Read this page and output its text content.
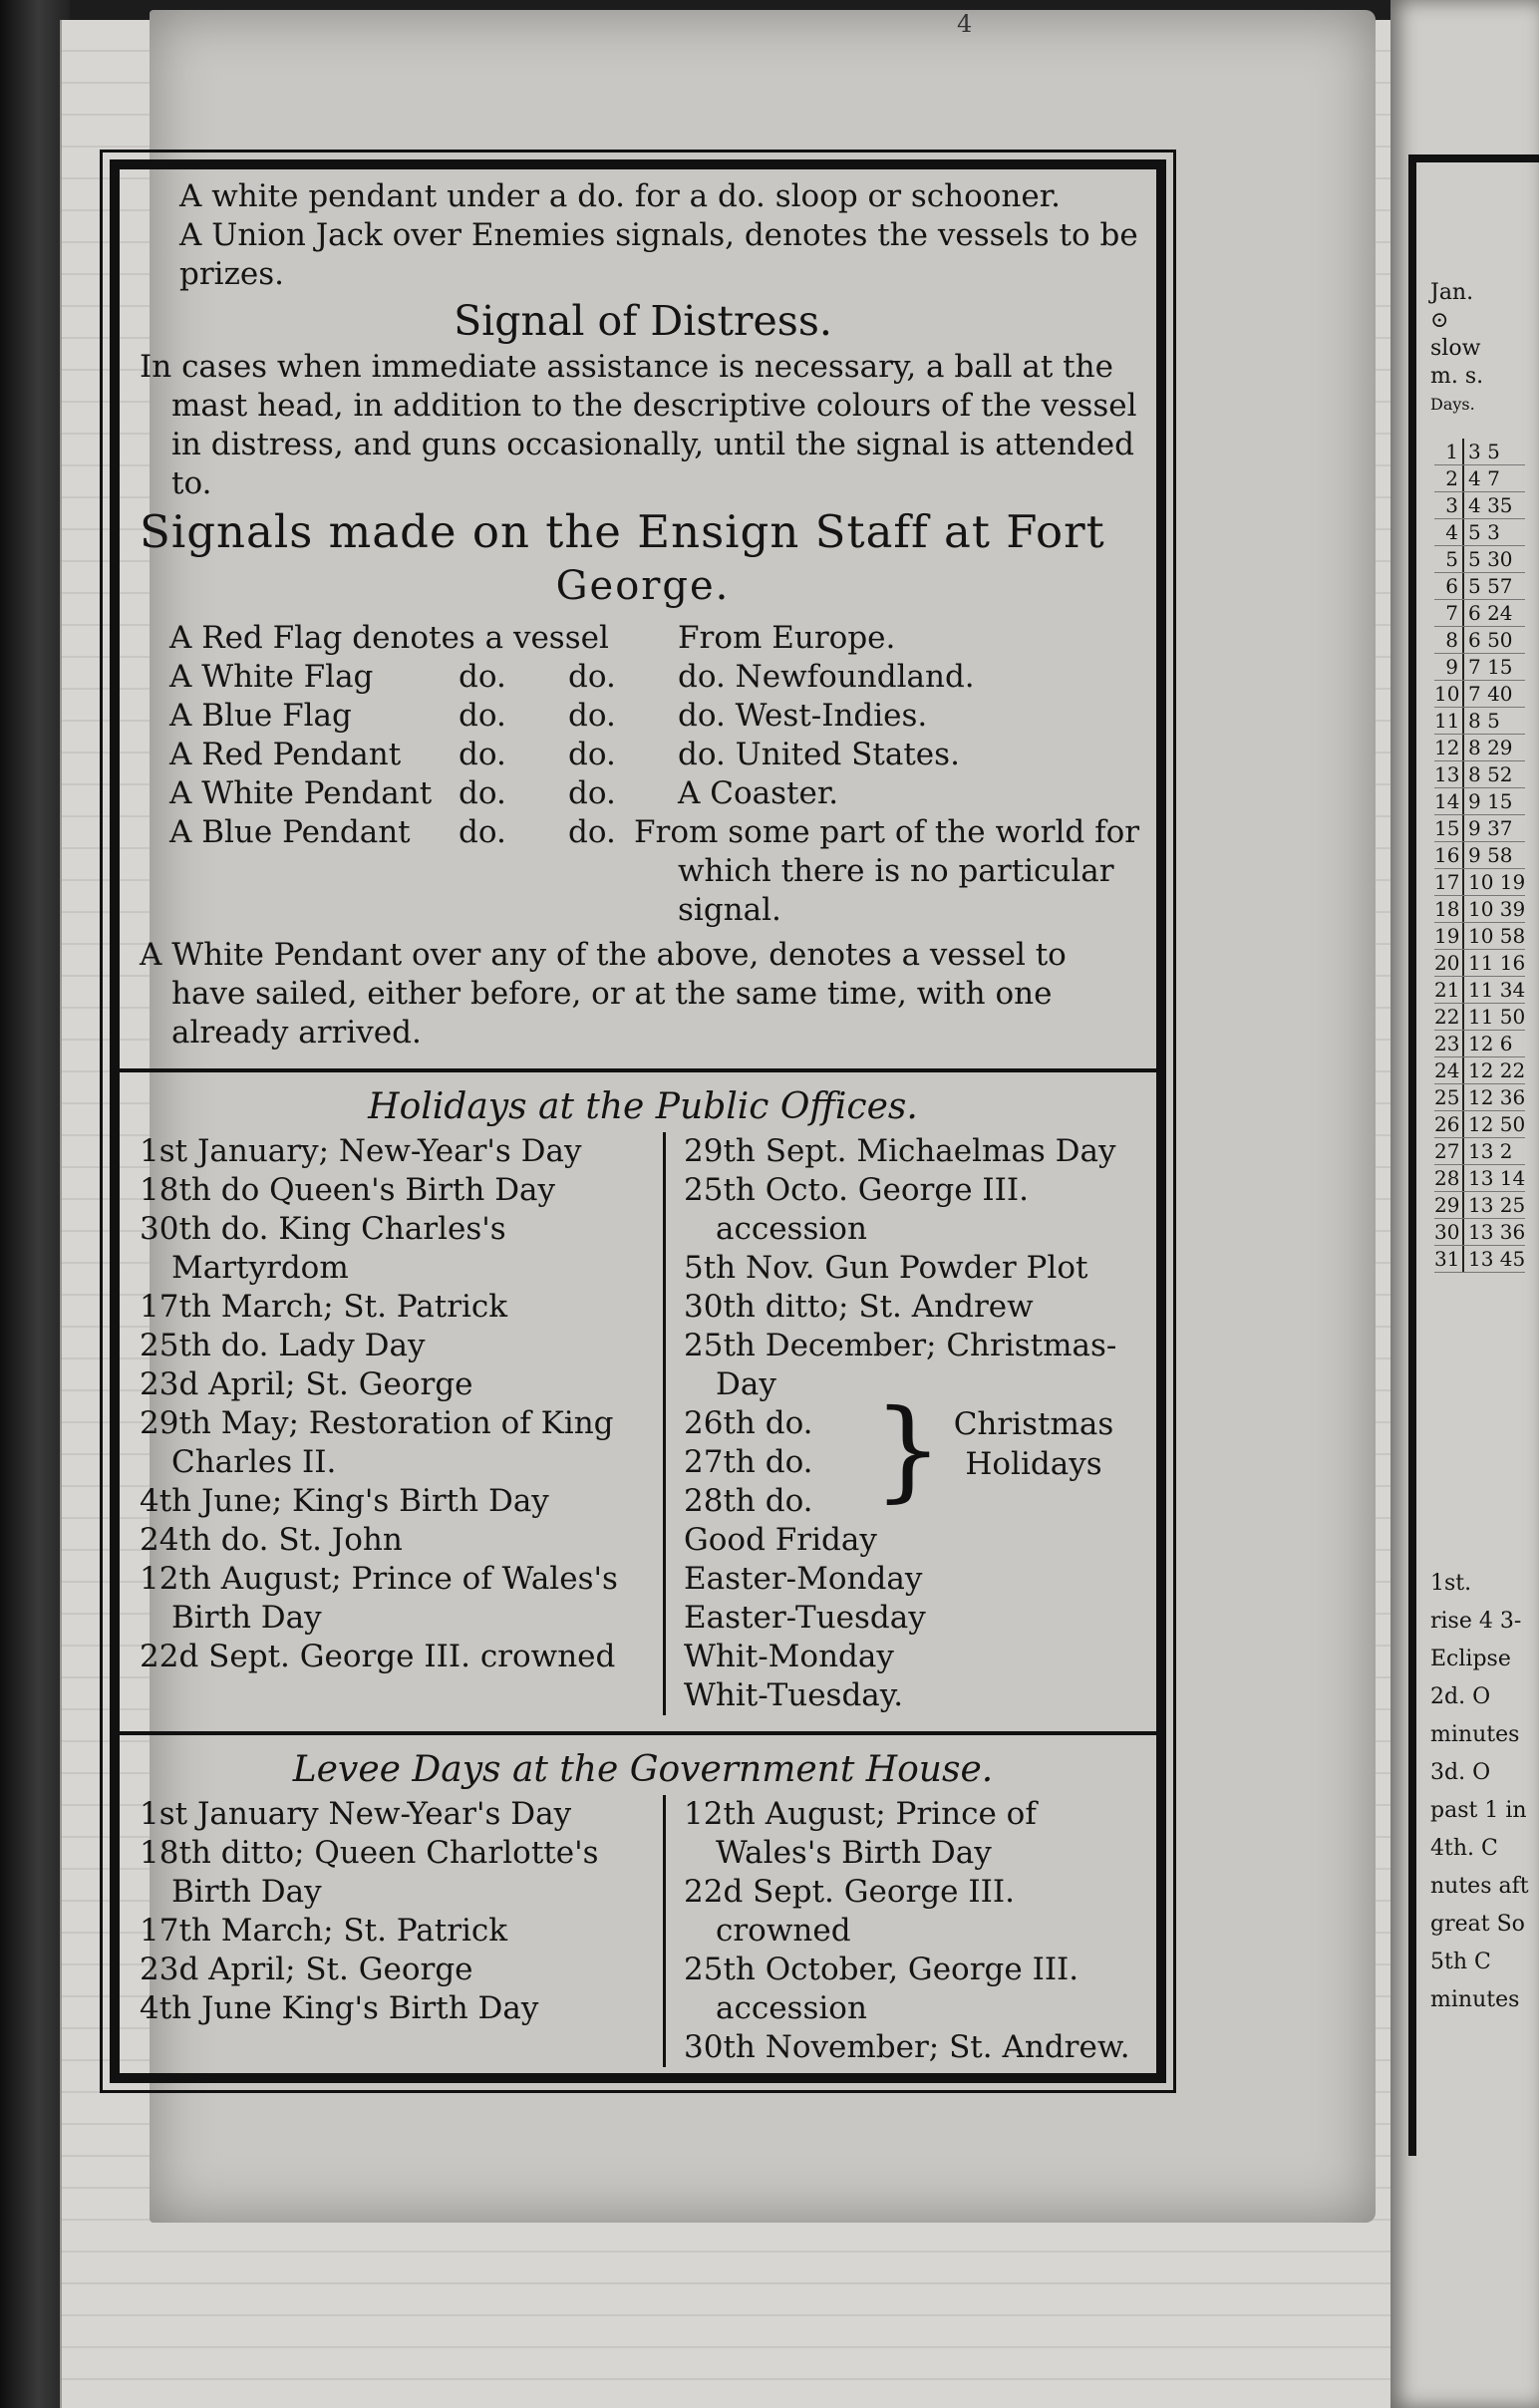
4

A white pendant under a do. for a do. sloop or schooner.

A Union Jack over Enemies signals, denotes the vessels to be prizes.

Signal of Distress.

In cases when immediate assistance is necessary, a ball at the mast head, in addition to the descriptive colours of the vessel in distress, and guns occasionally, until the signal is attended to.

Signals made on the Ensign Staff at Fort

George.

A Red Flag denotes a vessel			From Europe.
A White Flag	do.	do.	do. Newfoundland.
A Blue Flag	do.	do.	do. West-Indies.
A Red Pendant	do.	do.	do. United States.
A White Pendant	do.	do.	A Coaster.
A Blue Pendant	do.	do.	From some part of the world for which there is no particular signal.

A White Pendant over any of the above, denotes a vessel to have sailed, either before, or at the same time, with one already arrived.

Holidays at the Public Offices.

1st January; New-Year's Day

18th do Queen's Birth Day

30th do. King Charles's Martyrdom

17th March; St. Patrick

25th do. Lady Day

23d April; St. George

29th May; Restoration of King Charles II.

4th June; King's Birth Day

24th do. St. John

12th August; Prince of Wales's Birth Day

22d Sept. George III. crowned

29th Sept. Michaelmas Day

25th Octo. George III. accession

5th Nov. Gun Powder Plot

30th ditto; St. Andrew

25th December; Christmas-Day

26th do.

27th do.

28th do. } Christmas Holidays

Good Friday

Easter-Monday

Easter-Tuesday

Whit-Monday

Whit-Tuesday.

Levee Days at the Government House.

1st January New-Year's Day

18th ditto; Queen Charlotte's Birth Day

17th March; St. Patrick

23d April; St. George

4th June King's Birth Day

12th August; Prince of Wales's Birth Day

22d Sept. George III. crowned

25th October, George III. accession

30th November; St. Andrew.

Jan.
⊙
slow
m. s.
Days.
1 3 5
2 4 7
3 4 35
4 5 3
5 5 30
6 5 57
7 6 24
8 6 50
9 7 15
10 7 40
11 8 5
12 8 29
13 8 52
14 9 15
15 9 37
16 9 58
17 10 19
18 10 39
19 10 58
20 11 16
21 11 34
22 11 50
23 12 6
24 12 22
25 12 36
26 12 50
27 13 2
28 13 14
29 13 25
30 13 36
31 13 45
1st.
rise 4 3-
Eclipse
2d. O
minutes
3d. O
past 1 in
4th. C
nutes aft
great So
5th C
minutes
